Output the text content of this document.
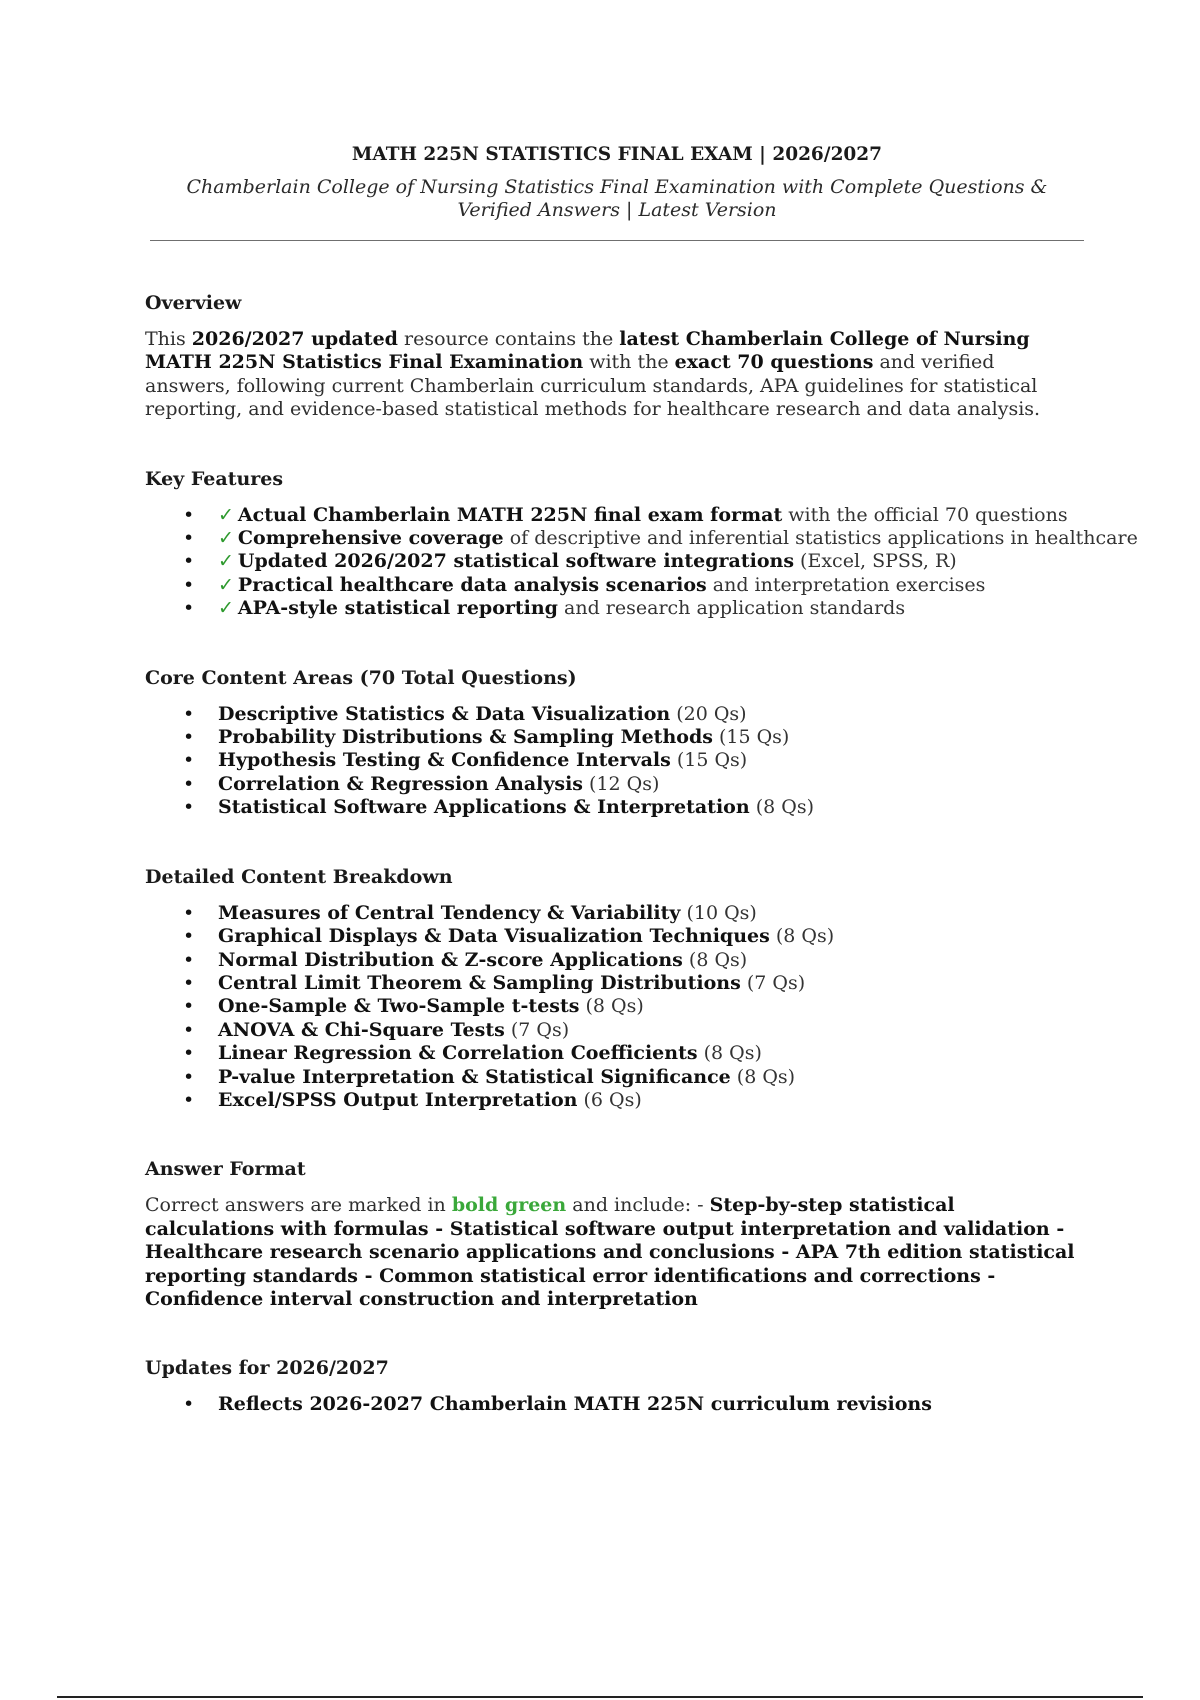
MATH 225N STATISTICS FINAL EXAM | 2026/2027

Chamberlain College of Nursing Statistics Final Examination with Complete Questions & Verified Answers | Latest Version

Overview

This 2026/2027 updated resource contains the latest Chamberlain College of Nursing MATH 225N Statistics Final Examination with the exact 70 questions and verified answers, following current Chamberlain curriculum standards, APA guidelines for statistical reporting, and evidence-based statistical methods for healthcare research and data analysis.

Key Features

• ✓ Actual Chamberlain MATH 225N final exam format with the official 70 questions
• ✓ Comprehensive coverage of descriptive and inferential statistics applications in healthcare
• ✓ Updated 2026/2027 statistical software integrations (Excel, SPSS, R)
• ✓ Practical healthcare data analysis scenarios and interpretation exercises
• ✓ APA-style statistical reporting and research application standards

Core Content Areas (70 Total Questions)

• Descriptive Statistics & Data Visualization (20 Qs)
• Probability Distributions & Sampling Methods (15 Qs)
• Hypothesis Testing & Confidence Intervals (15 Qs)
• Correlation & Regression Analysis (12 Qs)
• Statistical Software Applications & Interpretation (8 Qs)

Detailed Content Breakdown

• Measures of Central Tendency & Variability (10 Qs)
• Graphical Displays & Data Visualization Techniques (8 Qs)
• Normal Distribution & Z-score Applications (8 Qs)
• Central Limit Theorem & Sampling Distributions (7 Qs)
• One-Sample & Two-Sample t-tests (8 Qs)
• ANOVA & Chi-Square Tests (7 Qs)
• Linear Regression & Correlation Coefficients (8 Qs)
• P-value Interpretation & Statistical Significance (8 Qs)
• Excel/SPSS Output Interpretation (6 Qs)

Answer Format

Correct answers are marked in bold green and include: - Step-by-step statistical calculations with formulas - Statistical software output interpretation and validation - Healthcare research scenario applications and conclusions - APA 7th edition statistical reporting standards - Common statistical error identifications and corrections - Confidence interval construction and interpretation

Updates for 2026/2027

• Reflects 2026-2027 Chamberlain MATH 225N curriculum revisions
